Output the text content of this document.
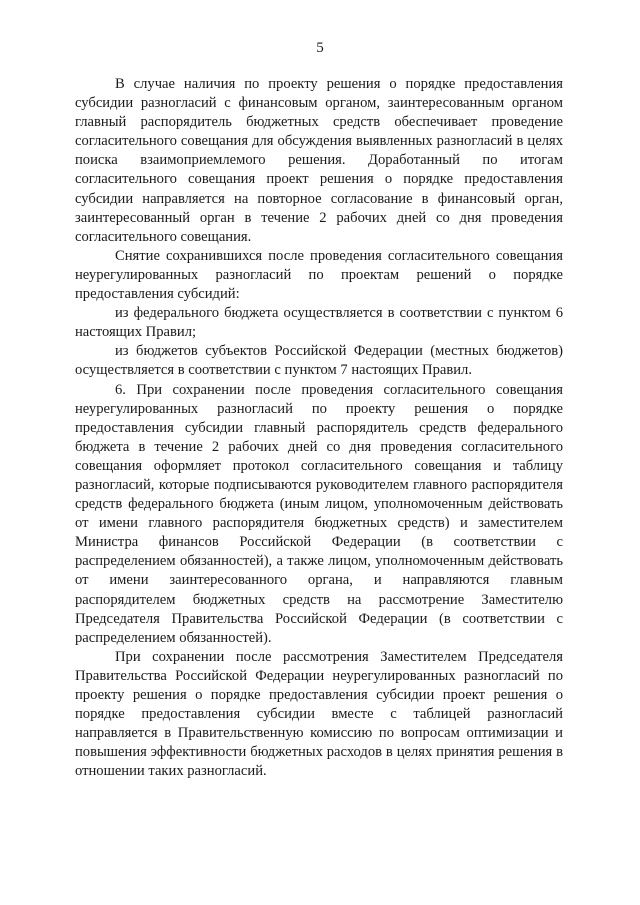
5

В случае наличия по проекту решения о порядке предоставления субсидии разногласий с финансовым органом, заинтересованным органом главный распорядитель бюджетных средств обеспечивает проведение согласительного совещания для обсуждения выявленных разногласий в целях поиска взаимоприемлемого решения. Доработанный по итогам согласительного совещания проект решения о порядке предоставления субсидии направляется на повторное согласование в финансовый орган, заинтересованный орган в течение 2 рабочих дней со дня проведения согласительного совещания.

Снятие сохранившихся после проведения согласительного совещания неурегулированных разногласий по проектам решений о порядке предоставления субсидий:

из федерального бюджета осуществляется в соответствии с пунктом 6 настоящих Правил;

из бюджетов субъектов Российской Федерации (местных бюджетов) осуществляется в соответствии с пунктом 7 настоящих Правил.

6. При сохранении после проведения согласительного совещания неурегулированных разногласий по проекту решения о порядке предоставления субсидии главный распорядитель средств федерального бюджета в течение 2 рабочих дней со дня проведения согласительного совещания оформляет протокол согласительного совещания и таблицу разногласий, которые подписываются руководителем главного распорядителя средств федерального бюджета (иным лицом, уполномоченным действовать от имени главного распорядителя бюджетных средств) и заместителем Министра финансов Российской Федерации (в соответствии с распределением обязанностей), а также лицом, уполномоченным действовать от имени заинтересованного органа, и направляются главным распорядителем бюджетных средств на рассмотрение Заместителю Председателя Правительства Российской Федерации (в соответствии с распределением обязанностей).

При сохранении после рассмотрения Заместителем Председателя Правительства Российской Федерации неурегулированных разногласий по проекту решения о порядке предоставления субсидии проект решения о порядке предоставления субсидии вместе с таблицей разногласий направляется в Правительственную комиссию по вопросам оптимизации и повышения эффективности бюджетных расходов в целях принятия решения в отношении таких разногласий.
